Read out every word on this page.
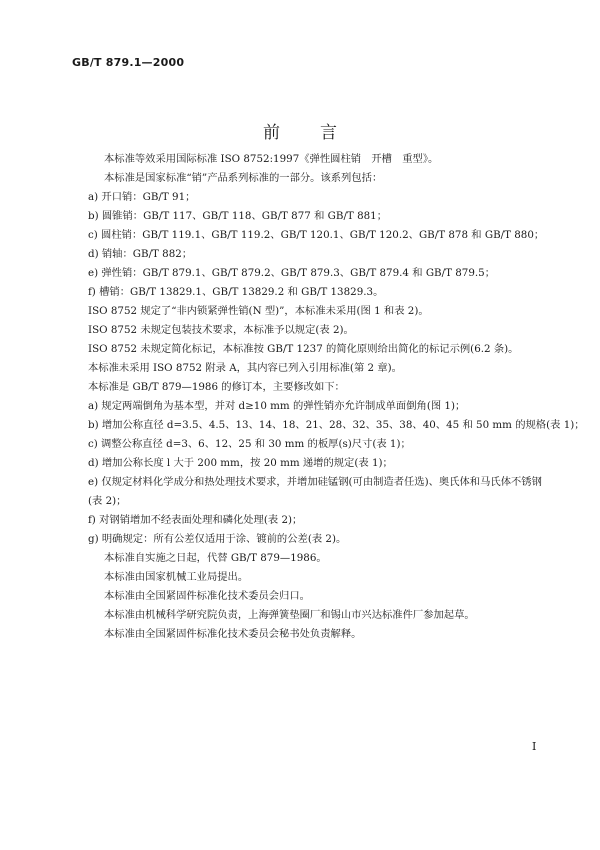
GB/T 879.1—2000
前言
本标准等效采用国际标准 ISO 8752:1997《弹性圆柱销　开槽　重型》。
本标准是国家标准“销”产品系列标准的一部分。该系列包括：
a) 开口销：GB/T 91；
b) 圆锥销：GB/T 117、GB/T 118、GB/T 877 和 GB/T 881；
c) 圆柱销：GB/T 119.1、GB/T 119.2、GB/T 120.1、GB/T 120.2、GB/T 878 和 GB/T 880；
d) 销轴：GB/T 882；
e) 弹性销：GB/T 879.1、GB/T 879.2、GB/T 879.3、GB/T 879.4 和 GB/T 879.5；
f) 槽销：GB/T 13829.1、GB/T 13829.2 和 GB/T 13829.3。
ISO 8752 规定了“非内锁紧弹性销(N 型)”，本标准未采用(图 1 和表 2)。
ISO 8752 未规定包装技术要求，本标准予以规定(表 2)。
ISO 8752 未规定简化标记，本标准按 GB/T 1237 的简化原则给出简化的标记示例(6.2 条)。
本标准未采用 ISO 8752 附录 A，其内容已列入引用标准(第 2 章)。
本标准是 GB/T 879—1986 的修订本，主要修改如下：
a) 规定两端倒角为基本型，并对 d≥10 mm 的弹性销亦允许制成单面倒角(图 1)；
b) 增加公称直径 d=3.5、4.5、13、14、18、21、28、32、35、38、40、45 和 50 mm 的规格(表 1)；
c) 调整公称直径 d=3、6、12、25 和 30 mm 的板厚(s)尺寸(表 1)；
d) 增加公称长度 l 大于 200 mm，按 20 mm 递增的规定(表 1)；
e) 仅规定材料化学成分和热处理技术要求，并增加硅锰钢(可由制造者任选)、奥氏体和马氏体不锈钢(表 2)；
f) 对钢销增加不经表面处理和磷化处理(表 2)；
g) 明确规定：所有公差仅适用于涂、镀前的公差(表 2)。
本标准自实施之日起，代替 GB/T 879—1986。
本标准由国家机械工业局提出。
本标准由全国紧固件标准化技术委员会归口。
本标准由机械科学研究院负责，上海弹簧垫圈厂和锡山市兴达标准件厂参加起草。
本标准由全国紧固件标准化技术委员会秘书处负责解释。
I
